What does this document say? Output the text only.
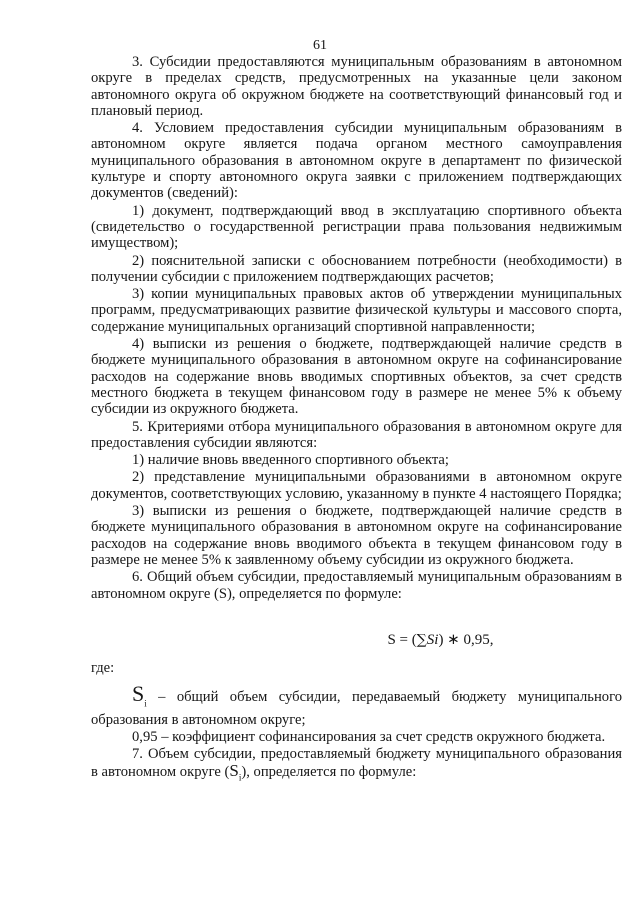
61

3. Субсидии предоставляются муниципальным образованиям в автономном округе в пределах средств, предусмотренных на указанные цели законом автономного округа об окружном бюджете на соответствующий финансовый год и плановый период.

4. Условием предоставления субсидии муниципальным образованиям в автономном округе является подача органом местного самоуправления муниципального образования в автономном округе в департамент по физической культуре и спорту автономного округа заявки с приложением подтверждающих документов (сведений):

1) документ, подтверждающий ввод в эксплуатацию спортивного объекта (свидетельство о государственной регистрации права пользования недвижимым имуществом);

2) пояснительной записки с обоснованием потребности (необходимости) в получении субсидии с приложением подтверждающих расчетов;

3) копии муниципальных правовых актов об утверждении муниципальных программ, предусматривающих развитие физической культуры и массового спорта, содержание муниципальных организаций спортивной направленности;

4) выписки из решения о бюджете, подтверждающей наличие средств в бюджете муниципального образования в автономном округе на софинансирование расходов на содержание вновь вводимых спортивных объектов, за счет средств местного бюджета в текущем финансовом году в размере не менее 5% к объему субсидии из окружного бюджета.

5. Критериями отбора муниципального образования в автономном округе для предоставления субсидии являются:

1) наличие вновь введенного спортивного объекта;

2) представление муниципальными образованиями в автономном округе документов, соответствующих условию, указанному в пункте 4 настоящего Порядка;

3) выписки из решения о бюджете, подтверждающей наличие средств в бюджете муниципального образования в автономном округе на софинансирование расходов на содержание вновь вводимого объекта в текущем финансовом году в размере не менее 5% к заявленному объему субсидии из окружного бюджета.

6. Общий объем субсидии, предоставляемый муниципальным образованиям в автономном округе (S), определяется по формуле:

S = (∑Si) ∗ 0,95,

где:

$S_i$ – общий объем субсидии, передаваемый бюджету муниципального образования в автономном округе;

0,95 – коэффициент софинансирования за счет средств окружного бюджета.

7. Объем субсидии, предоставляемый бюджету муниципального образования в автономном округе $(S_i)$, определяется по формуле:
